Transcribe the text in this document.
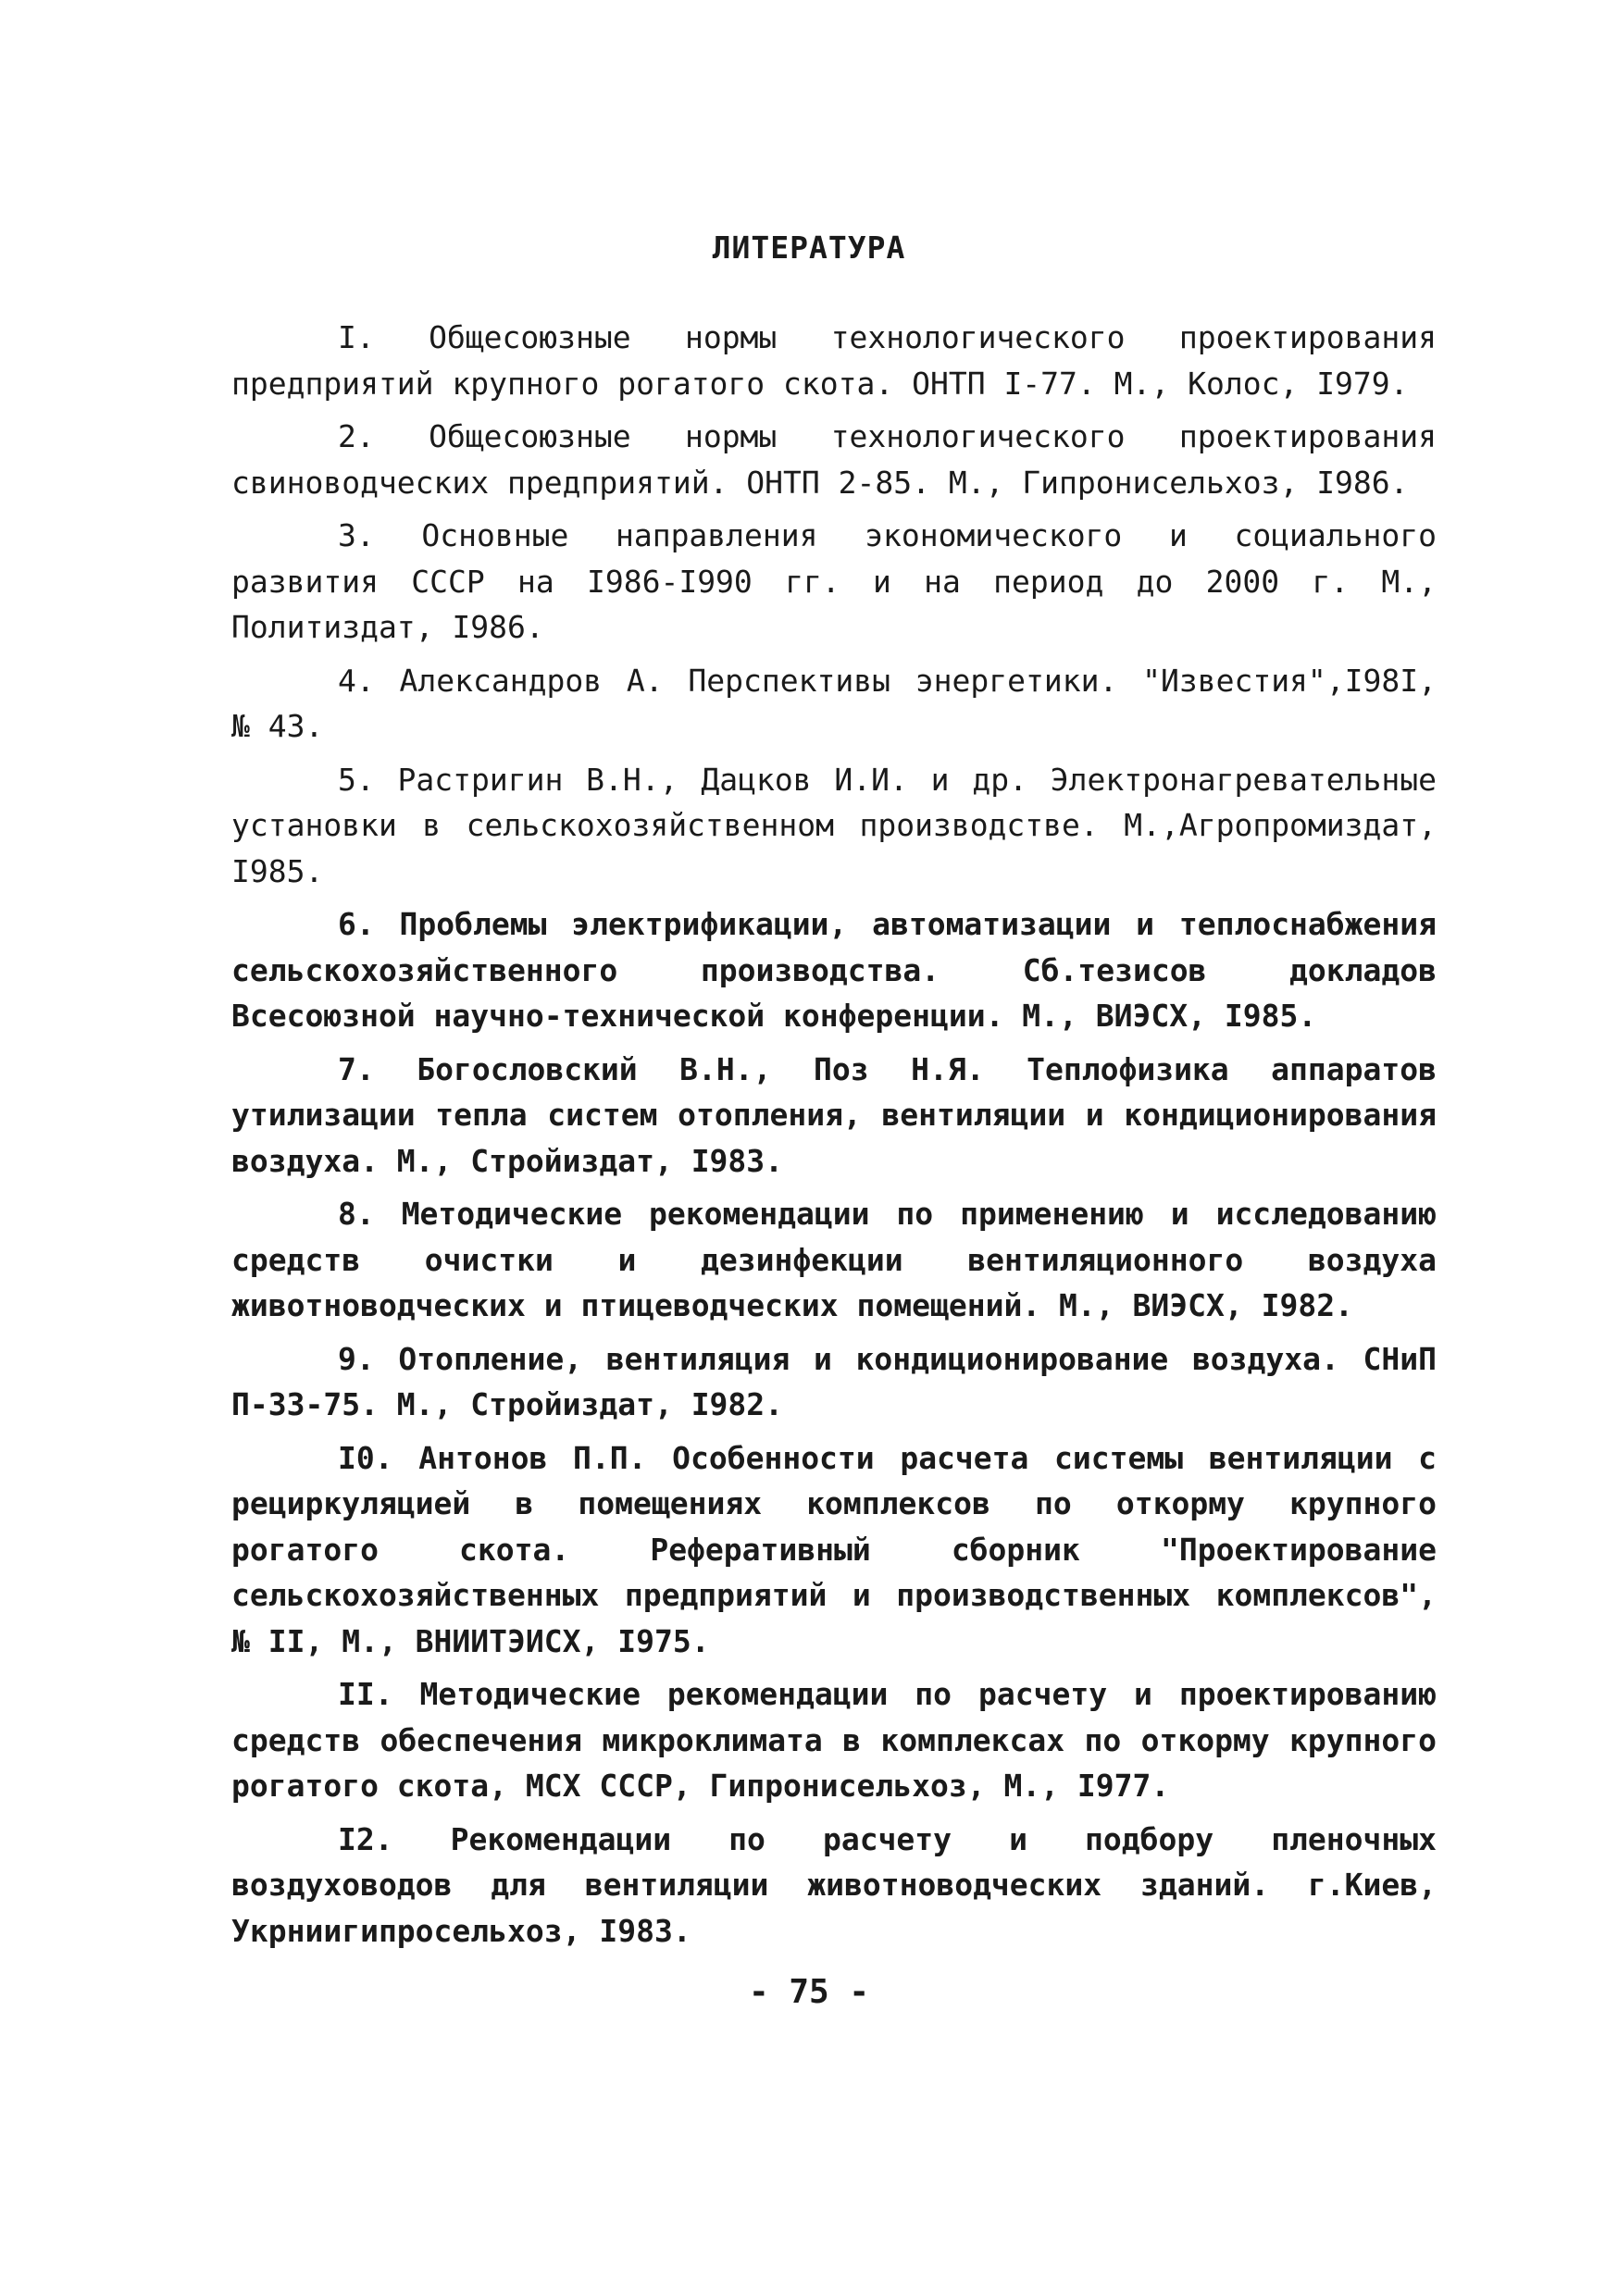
ЛИТЕРАТУРА

I. Общесоюзные нормы технологического проектирования предприятий крупного рогатого скота. ОНТП I-77. М., Колос, I979.

2. Общесоюзные нормы технологического проектирования свиноводческих предприятий. ОНТП 2-85. М., Гипронисельхоз, I986.

3. Основные направления экономического и социального развития СССР на I986-I990 гг. и на период до 2000 г. М., Политиздат, I986.

4. Александров А. Перспективы энергетики. "Известия",I98I, № 43.

5. Растригин В.Н., Дацков И.И. и др. Электронагревательные установки в сельскохозяйственном производстве. М.,Агропромиздат, I985.

6. Проблемы электрификации, автоматизации и теплоснабжения сельскохозяйственного производства. Сб.тезисов докладов Всесоюзной научно-технической конференции. М., ВИЭСХ, I985.

7. Богословский В.Н., Поз Н.Я. Теплофизика аппаратов утилизации тепла систем отопления, вентиляции и кондиционирования воздуха. М., Стройиздат, I983.

8. Методические рекомендации по применению и исследованию средств очистки и дезинфекции вентиляционного воздуха животноводческих и птицеводческих помещений. М., ВИЭСХ, I982.

9. Отопление, вентиляция и кондиционирование воздуха. СНиП П-33-75. М., Стройиздат, I982.

I0. Антонов П.П. Особенности расчета системы вентиляции с рециркуляцией в помещениях комплексов по откорму крупного рогатого скота. Реферативный сборник "Проектирование сельскохозяйственных предприятий и производственных комплексов", № II, М., ВНИИТЭИСХ, I975.

II. Методические рекомендации по расчету и проектированию средств обеспечения микроклимата в комплексах по откорму крупного рогатого скота, МСХ СССР, Гипронисельхоз, М., I977.

I2. Рекомендации по расчету и подбору пленочных воздуховодов для вентиляции животноводческих зданий. г.Киев, Укрниигипросельхоз, I983.

- 75 -
